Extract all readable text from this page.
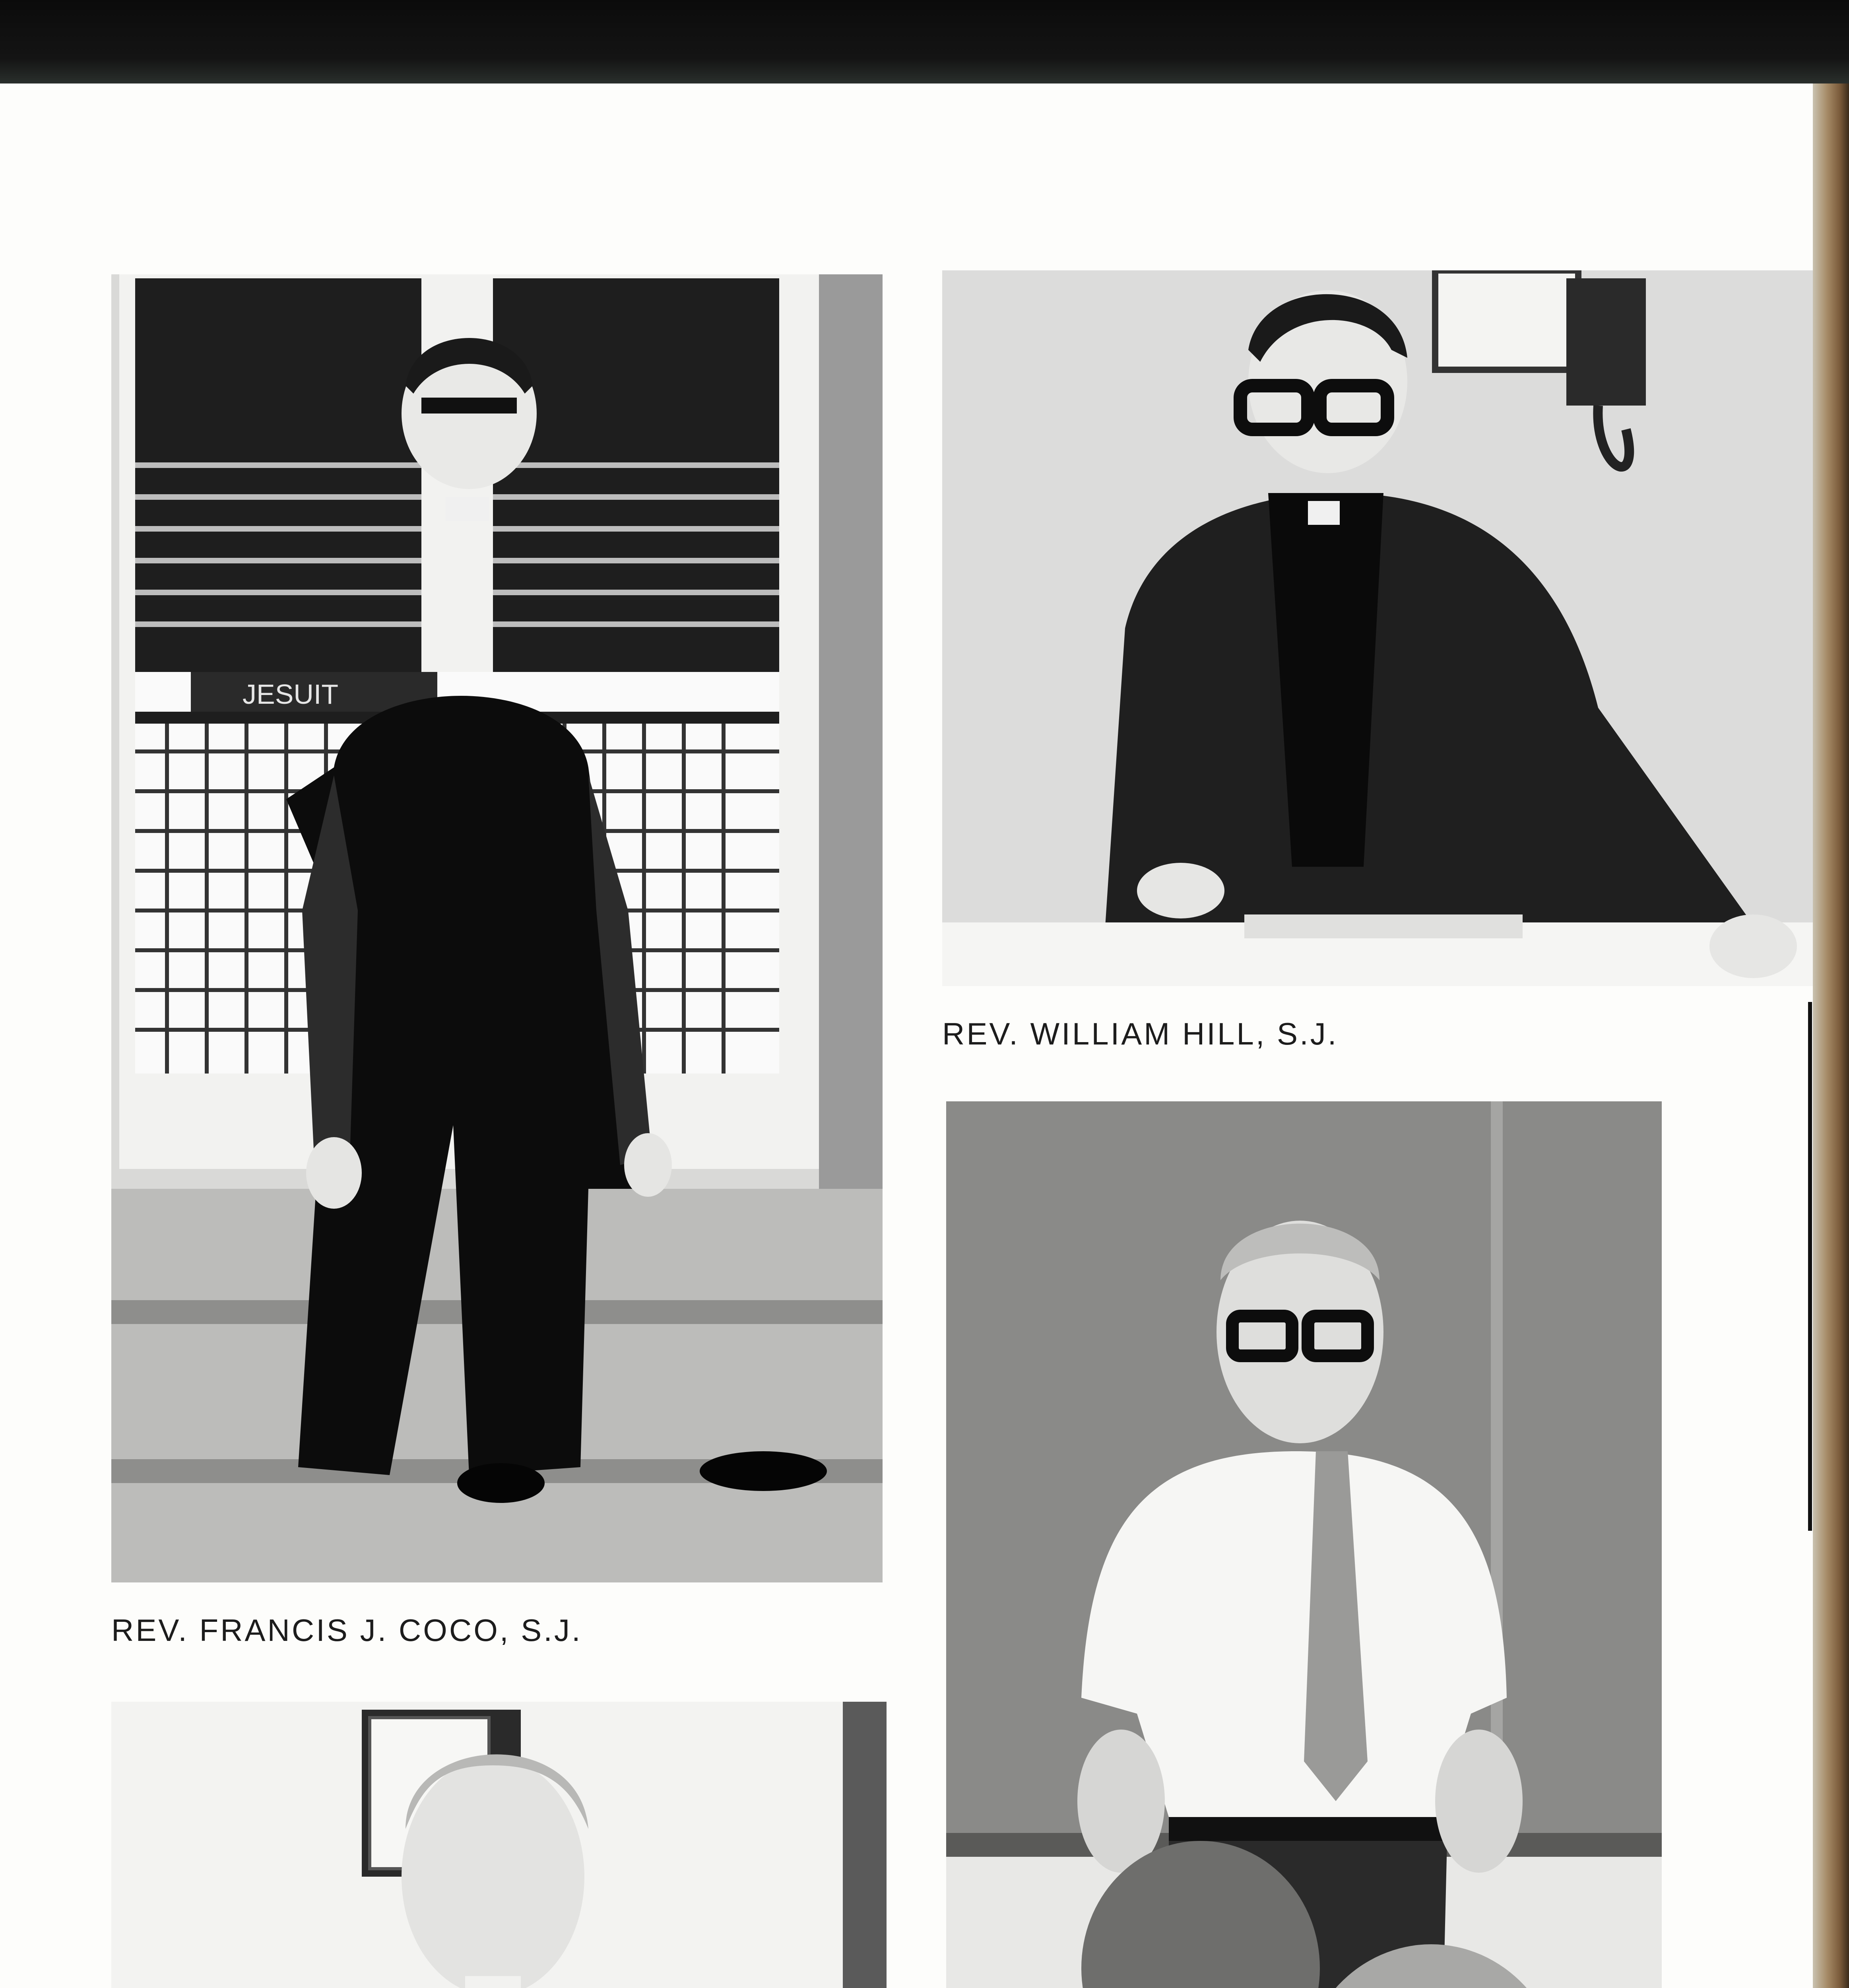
JESUIT
REV. FRANCIS J. COCO, S.J.
REV. WILLIAM HILL, S.J.
